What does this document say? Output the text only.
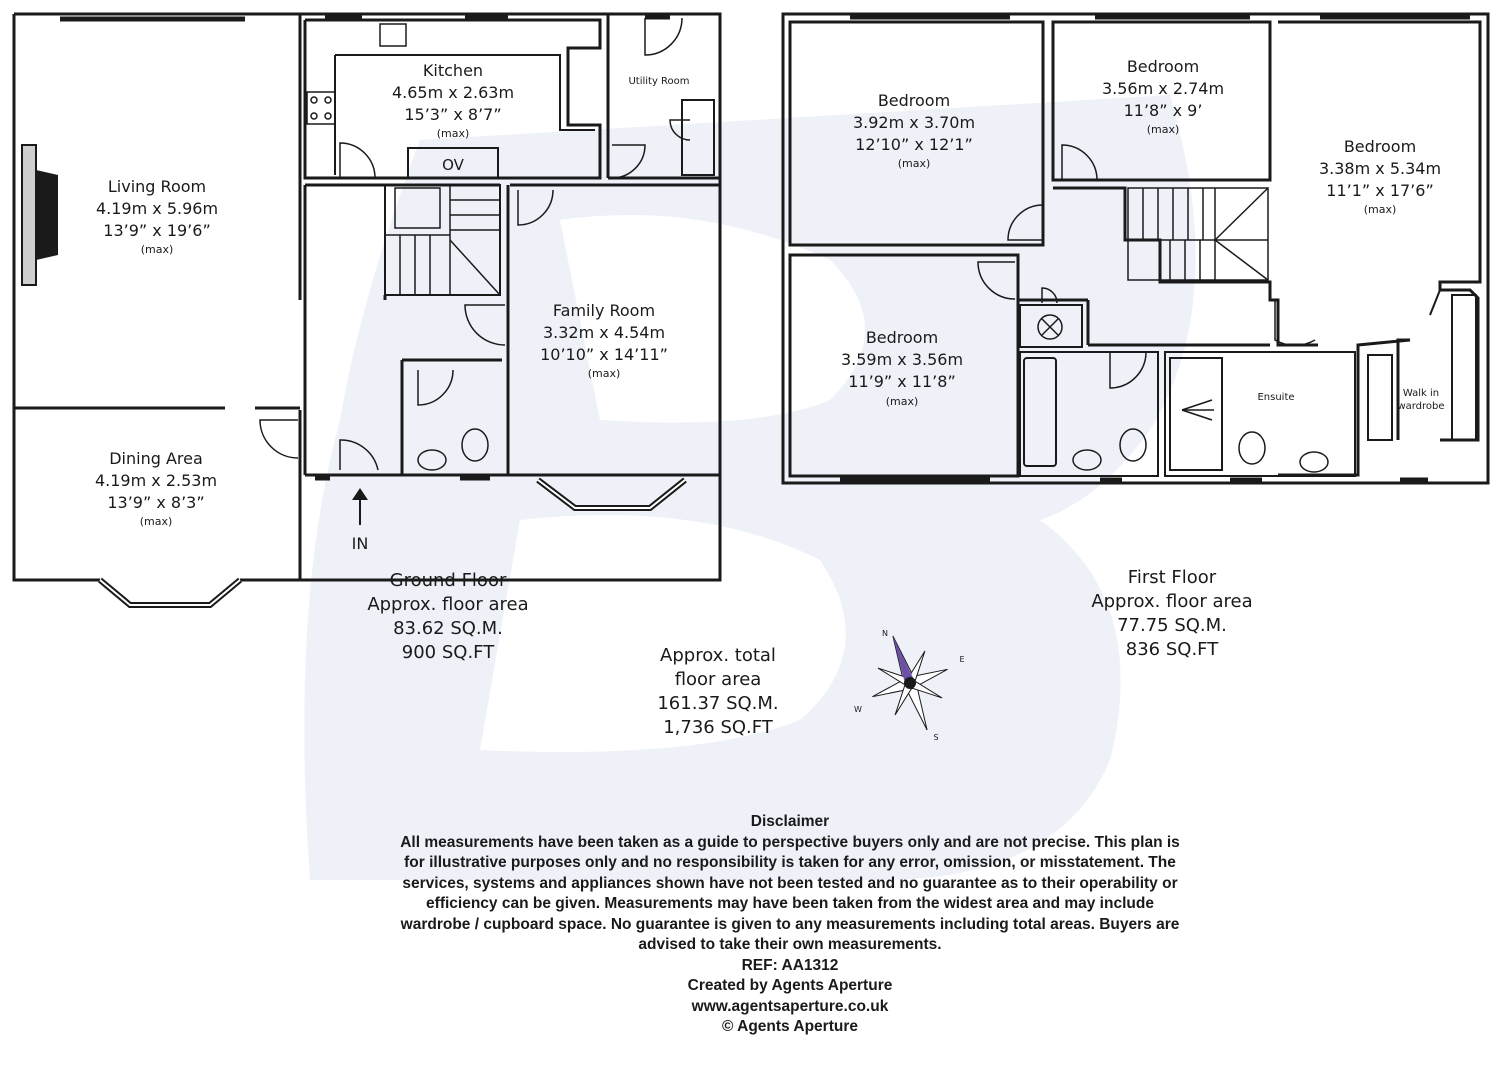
Living Room
4.19m x 5.96m
13’9” x 19’6”
(max)
Kitchen
4.65m x 2.63m
15’3” x 8’7”
(max)
OV
Utility Room
Family Room
3.32m x 4.54m
10’10” x 14’11”
(max)
Dining Area
4.19m x 2.53m
13’9” x 8’3”
(max)
IN
Ground Floor
Approx. floor area
83.62 SQ.M.
900 SQ.FT
Bedroom
3.92m x 3.70m
12’10” x 12’1”
(max)
Bedroom
3.56m x 2.74m
11’8” x 9’
(max)
Bedroom
3.38m x 5.34m
11’1” x 17’6”
(max)
Bedroom
3.59m x 3.56m
11’9” x 11’8”
(max)	Ensuite	Walk in
wardrobe
First Floor
Approx. floor area
77.75 SQ.M.
836 SQ.FT
Approx. total
floor area
161.37 SQ.M.
1,736 SQ.FT
N
E
S
W
Disclaimer
All measurements have been taken as a guide to perspective buyers only and are not precise. This plan is
for illustrative purposes only and no responsibility is taken for any error, omission, or misstatement. The
services, systems and appliances shown have not been tested and no guarantee as to their operability or
efficiency can be given. Measurements may have been taken from the widest area and may include
wardrobe / cupboard space. No guarantee is given to any measurements including total areas. Buyers are
advised to take their own measurements.
REF: AA1312
Created by Agents Aperture
www.agentsaperture.co.uk
© Agents Aperture
